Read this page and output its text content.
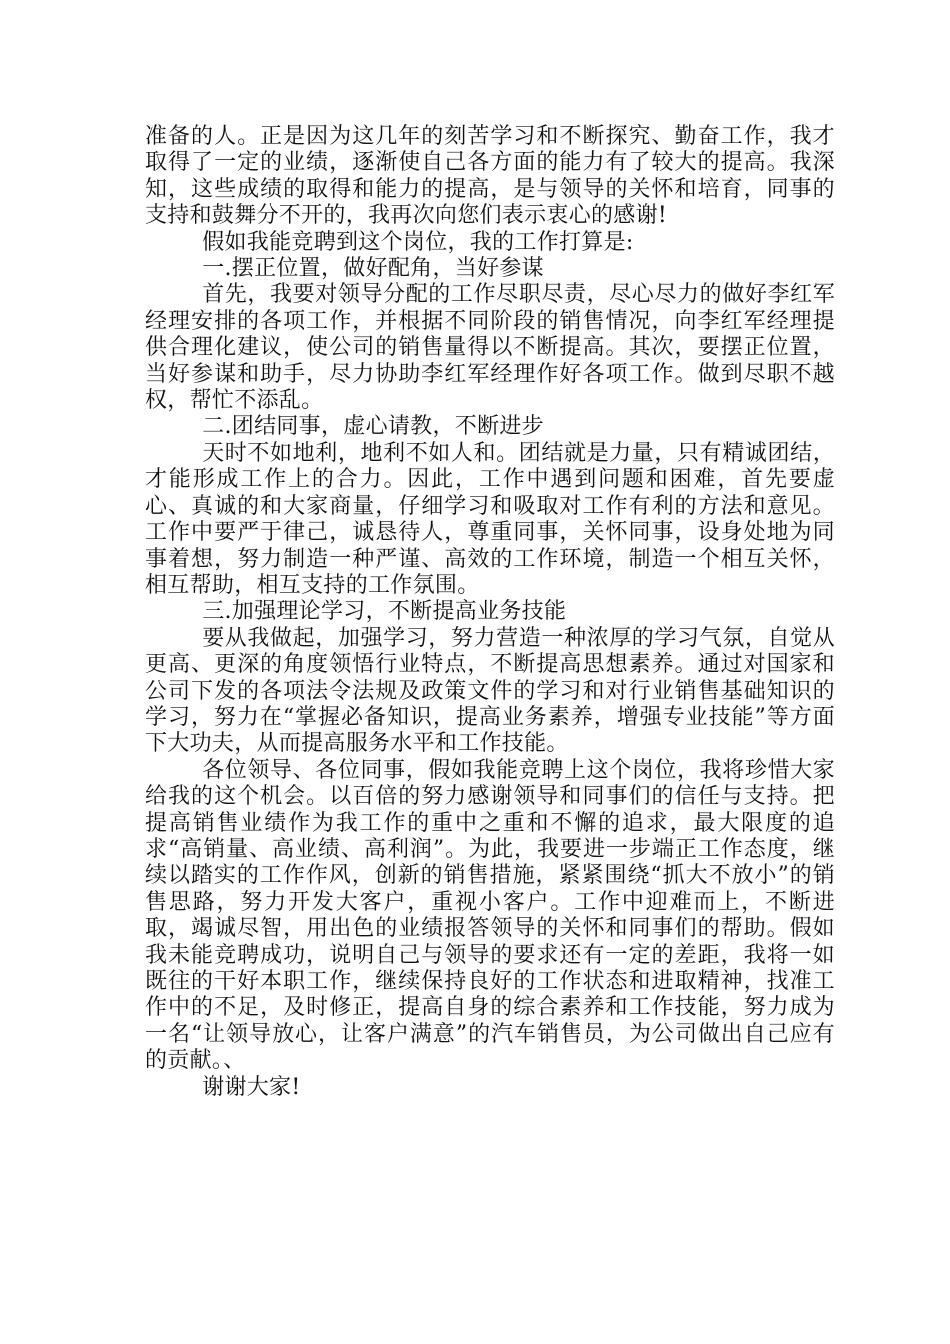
准备的人。正是因为这几年的刻苦学习和不断探究、勤奋工作，我才取得了一定的业绩，逐渐使自己各方面的能力有了较大的提高。我深知，这些成绩的取得和能力的提高，是与领导的关怀和培育，同事的支持和鼓舞分不开的，我再次向您们表示衷心的感谢!

假如我能竞聘到这个岗位，我的工作打算是:

一.摆正位置，做好配角，当好参谋

首先，我要对领导分配的工作尽职尽责，尽心尽力的做好李红军经理安排的各项工作，并根据不同阶段的销售情况，向李红军经理提供合理化建议，使公司的销售量得以不断提高。其次，要摆正位置，当好参谋和助手，尽力协助李红军经理作好各项工作。做到尽职不越权，帮忙不添乱。

二.团结同事，虚心请教，不断进步

天时不如地利，地利不如人和。团结就是力量，只有精诚团结，才能形成工作上的合力。因此，工作中遇到问题和困难，首先要虚心、真诚的和大家商量，仔细学习和吸取对工作有利的方法和意见。工作中要严于律己，诚恳待人，尊重同事，关怀同事，设身处地为同事着想，努力制造一种严谨、高效的工作环境，制造一个相互关怀，相互帮助，相互支持的工作氛围。

三.加强理论学习，不断提高业务技能

要从我做起，加强学习，努力营造一种浓厚的学习气氛，自觉从更高、更深的角度领悟行业特点，不断提高思想素养。通过对国家和公司下发的各项法令法规及政策文件的学习和对行业销售基础知识的学习，努力在“掌握必备知识，提高业务素养，增强专业技能”等方面下大功夫，从而提高服务水平和工作技能。

各位领导、各位同事，假如我能竞聘上这个岗位，我将珍惜大家给我的这个机会。以百倍的努力感谢领导和同事们的信任与支持。把提高销售业绩作为我工作的重中之重和不懈的追求，最大限度的追求“高销量、高业绩、高利润”。为此，我要进一步端正工作态度，继续以踏实的工作作风，创新的销售措施，紧紧围绕“抓大不放小”的销售思路，努力开发大客户，重视小客户。工作中迎难而上，不断进取，竭诚尽智，用出色的业绩报答领导的关怀和同事们的帮助。假如我未能竞聘成功，说明自己与领导的要求还有一定的差距，我将一如既往的干好本职工作，继续保持良好的工作状态和进取精神，找准工作中的不足，及时修正，提高自身的综合素养和工作技能，努力成为一名“让领导放心，让客户满意”的汽车销售员，为公司做出自己应有的贡献。、

谢谢大家!
